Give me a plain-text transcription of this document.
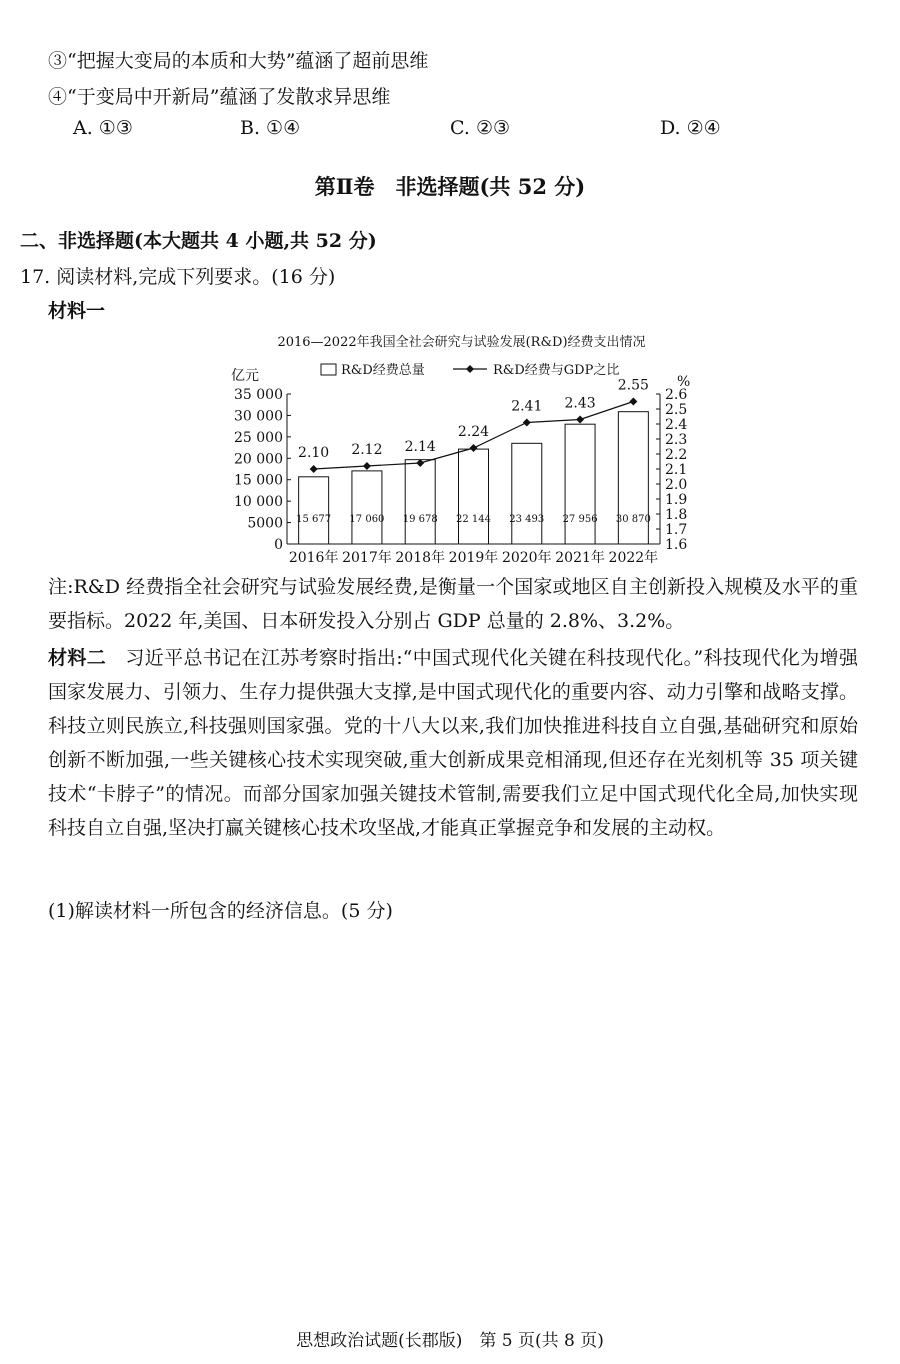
③“把握大变局的本质和大势”蕴涵了超前思维
④“于变局中开新局”蕴涵了发散求异思维
A. ①③	B. ①④	C. ②③	D. ②④
第Ⅱ卷　非选择题(共 52 分)
二、非选择题(本大题共 4 小题,共 52 分)
17. 阅读材料,完成下列要求。(16 分)
材料一
2016—2022年我国全社会研究与试验发展(R&D)经费支出情况
R&D经费总量	R&D经费与GDP之比
亿元	%
0
5000
10 000
15 000
20 000
25 000
30 000
35 000
1.6
1.7
1.8
1.9
2.0
2.1
2.2
2.3
2.4
2.5
2.6
15 677 17 060 19 678 22 144 23 493 27 956 30 870
2016年 2017年 2018年 2019年 2020年 2021年 2022年
2.10 2.12 2.14
2.24
2.41 2.43
2.55

注:R&D 经费指全社会研究与试验发展经费,是衡量一个国家或地区自主创新投入规模及水平的重要指标。2022 年,美国、日本研发投入分别占 GDP 总量的 2.8%、3.2%。

材料二　习近平总书记在江苏考察时指出:“中国式现代化关键在科技现代化。”科技现代化为增强国家发展力、引领力、生存力提供强大支撑,是中国式现代化的重要内容、动力引擎和战略支撑。科技立则民族立,科技强则国家强。党的十八大以来,我们加快推进科技自立自强,基础研究和原始创新不断加强,一些关键核心技术实现突破,重大创新成果竞相涌现,但还存在光刻机等 35 项关键技术“卡脖子”的情况。而部分国家加强关键技术管制,需要我们立足中国式现代化全局,加快实现科技自立自强,坚决打赢关键核心技术攻坚战,才能真正掌握竞争和发展的主动权。

(1)解读材料一所包含的经济信息。(5 分)
思想政治试题(长郡版)　第 5 页(共 8 页)
